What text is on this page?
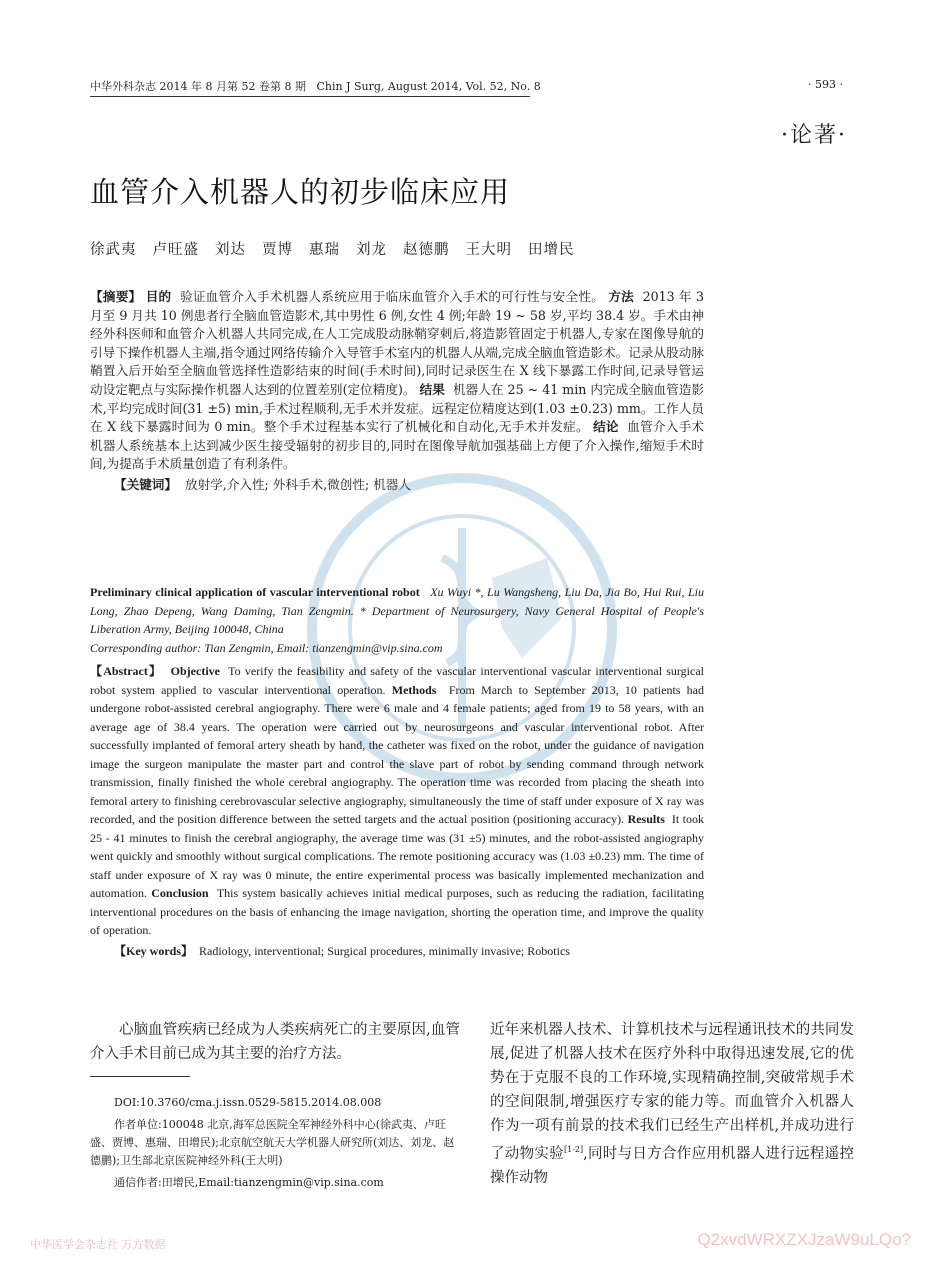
中华外科杂志 2014 年 8 月第 52 卷第 8 期 Chin J Surg, August 2014, Vol. 52, No. 8	· 593 ·
·论著·
血管介入机器人的初步临床应用
徐武夷 卢旺盛 刘达 贾博 惠瑞 刘龙 赵德鹏 王大明 田增民
【摘要】 目的 验证血管介入手术机器人系统应用于临床血管介入手术的可行性与安全性。 方法 2013 年 3 月至 9 月共 10 例患者行全脑血管造影术,其中男性 6 例,女性 4 例;年龄 19 ~ 58 岁,平均 38.4 岁。手术由神经外科医师和血管介入机器人共同完成,在人工完成股动脉鞘穿刺后,将造影管固定于机器人,专家在图像导航的引导下操作机器人主端,指令通过网络传输介入导管手术室内的机器人从端,完成全脑血管造影术。记录从股动脉鞘置入后开始至全脑血管选择性造影结束的时间(手术时间),同时记录医生在 X 线下暴露工作时间,记录导管运动设定靶点与实际操作机器人达到的位置差别(定位精度)。 结果 机器人在 25 ~ 41 min 内完成全脑血管造影术,平均完成时间(31 ±5) min,手术过程顺利,无手术并发症。远程定位精度达到(1.03 ±0.23) mm。工作人员在 X 线下暴露时间为 0 min。整个手术过程基本实行了机械化和自动化,无手术并发症。 结论 血管介入手术机器人系统基本上达到减少医生接受辐射的初步目的,同时在图像导航加强基础上方便了介入操作,缩短手术时间,为提高手术质量创造了有利条件。
【关键词】 放射学,介入性; 外科手术,微创性; 机器人
Preliminary clinical application of vascular interventional robot Xu Wuyi *, Lu Wangsheng, Liu Da, Jia Bo, Hui Rui, Liu Long, Zhao Depeng, Wang Daming, Tian Zengmin. * Department of Neurosurgery, Navy General Hospital of People's Liberation Army, Beijing 100048, China
Corresponding author: Tian Zengmin, Email: tianzengmin@vip.sina.com
【Abstract】 Objective To verify the feasibility and safety of the vascular interventional vascular interventional surgical robot system applied to vascular interventional operation. Methods From March to September 2013, 10 patients had undergone robot-assisted cerebral angiography. There were 6 male and 4 female patients; aged from 19 to 58 years, with an average age of 38.4 years. The operation were carried out by neurosurgeons and vascular interventional robot. After successfully implanted of femoral artery sheath by hand, the catheter was fixed on the robot, under the guidance of navigation image the surgeon manipulate the master part and control the slave part of robot by sending command through network transmission, finally finished the whole cerebral angiography. The operation time was recorded from placing the sheath into femoral artery to finishing cerebrovascular selective angiography, simultaneously the time of staff under exposure of X ray was recorded, and the position difference between the setted targets and the actual position (positioning accuracy). Results It took 25 - 41 minutes to finish the cerebral angiography, the average time was (31 ±5) minutes, and the robot-assisted angiography went quickly and smoothly without surgical complications. The remote positioning accuracy was (1.03 ±0.23) mm. The time of staff under exposure of X ray was 0 minute, the entire experimental process was basically implemented mechanization and automation. Conclusion This system basically achieves initial medical purposes, such as reducing the radiation, facilitating interventional procedures on the basis of enhancing the image navigation, shorting the operation time, and improve the quality of operation.
【Key words】 Radiology, interventional; Surgical procedures, minimally invasive; Robotics
心脑血管疾病已经成为人类疾病死亡的主要原因,血管介入手术目前已成为其主要的治疗方法。
近年来机器人技术、计算机技术与远程通讯技术的共同发展,促进了机器人技术在医疗外科中取得迅速发展,它的优势在于克服不良的工作环境,实现精确控制,突破常规手术的空间限制,增强医疗专家的能力等。而血管介入机器人作为一项有前景的技术我们已经生产出样机,并成功进行了动物实验[1-2],同时与日方合作应用机器人进行远程遥控操作动物

DOI:10.3760/cma.j.issn.0529-5815.2014.08.008

作者单位:100048 北京,海军总医院全军神经外科中心(徐武夷、卢旺盛、贾博、惠瑞、田增民);北京航空航天大学机器人研究所(刘达、刘龙、赵德鹏);卫生部北京医院神经外科(王大明)

通信作者:田增民,Email:tianzengmin@vip.sina.com

中华医学会杂志社 万方数据	Q2xvdWRXZXJzaW9uLQo?
